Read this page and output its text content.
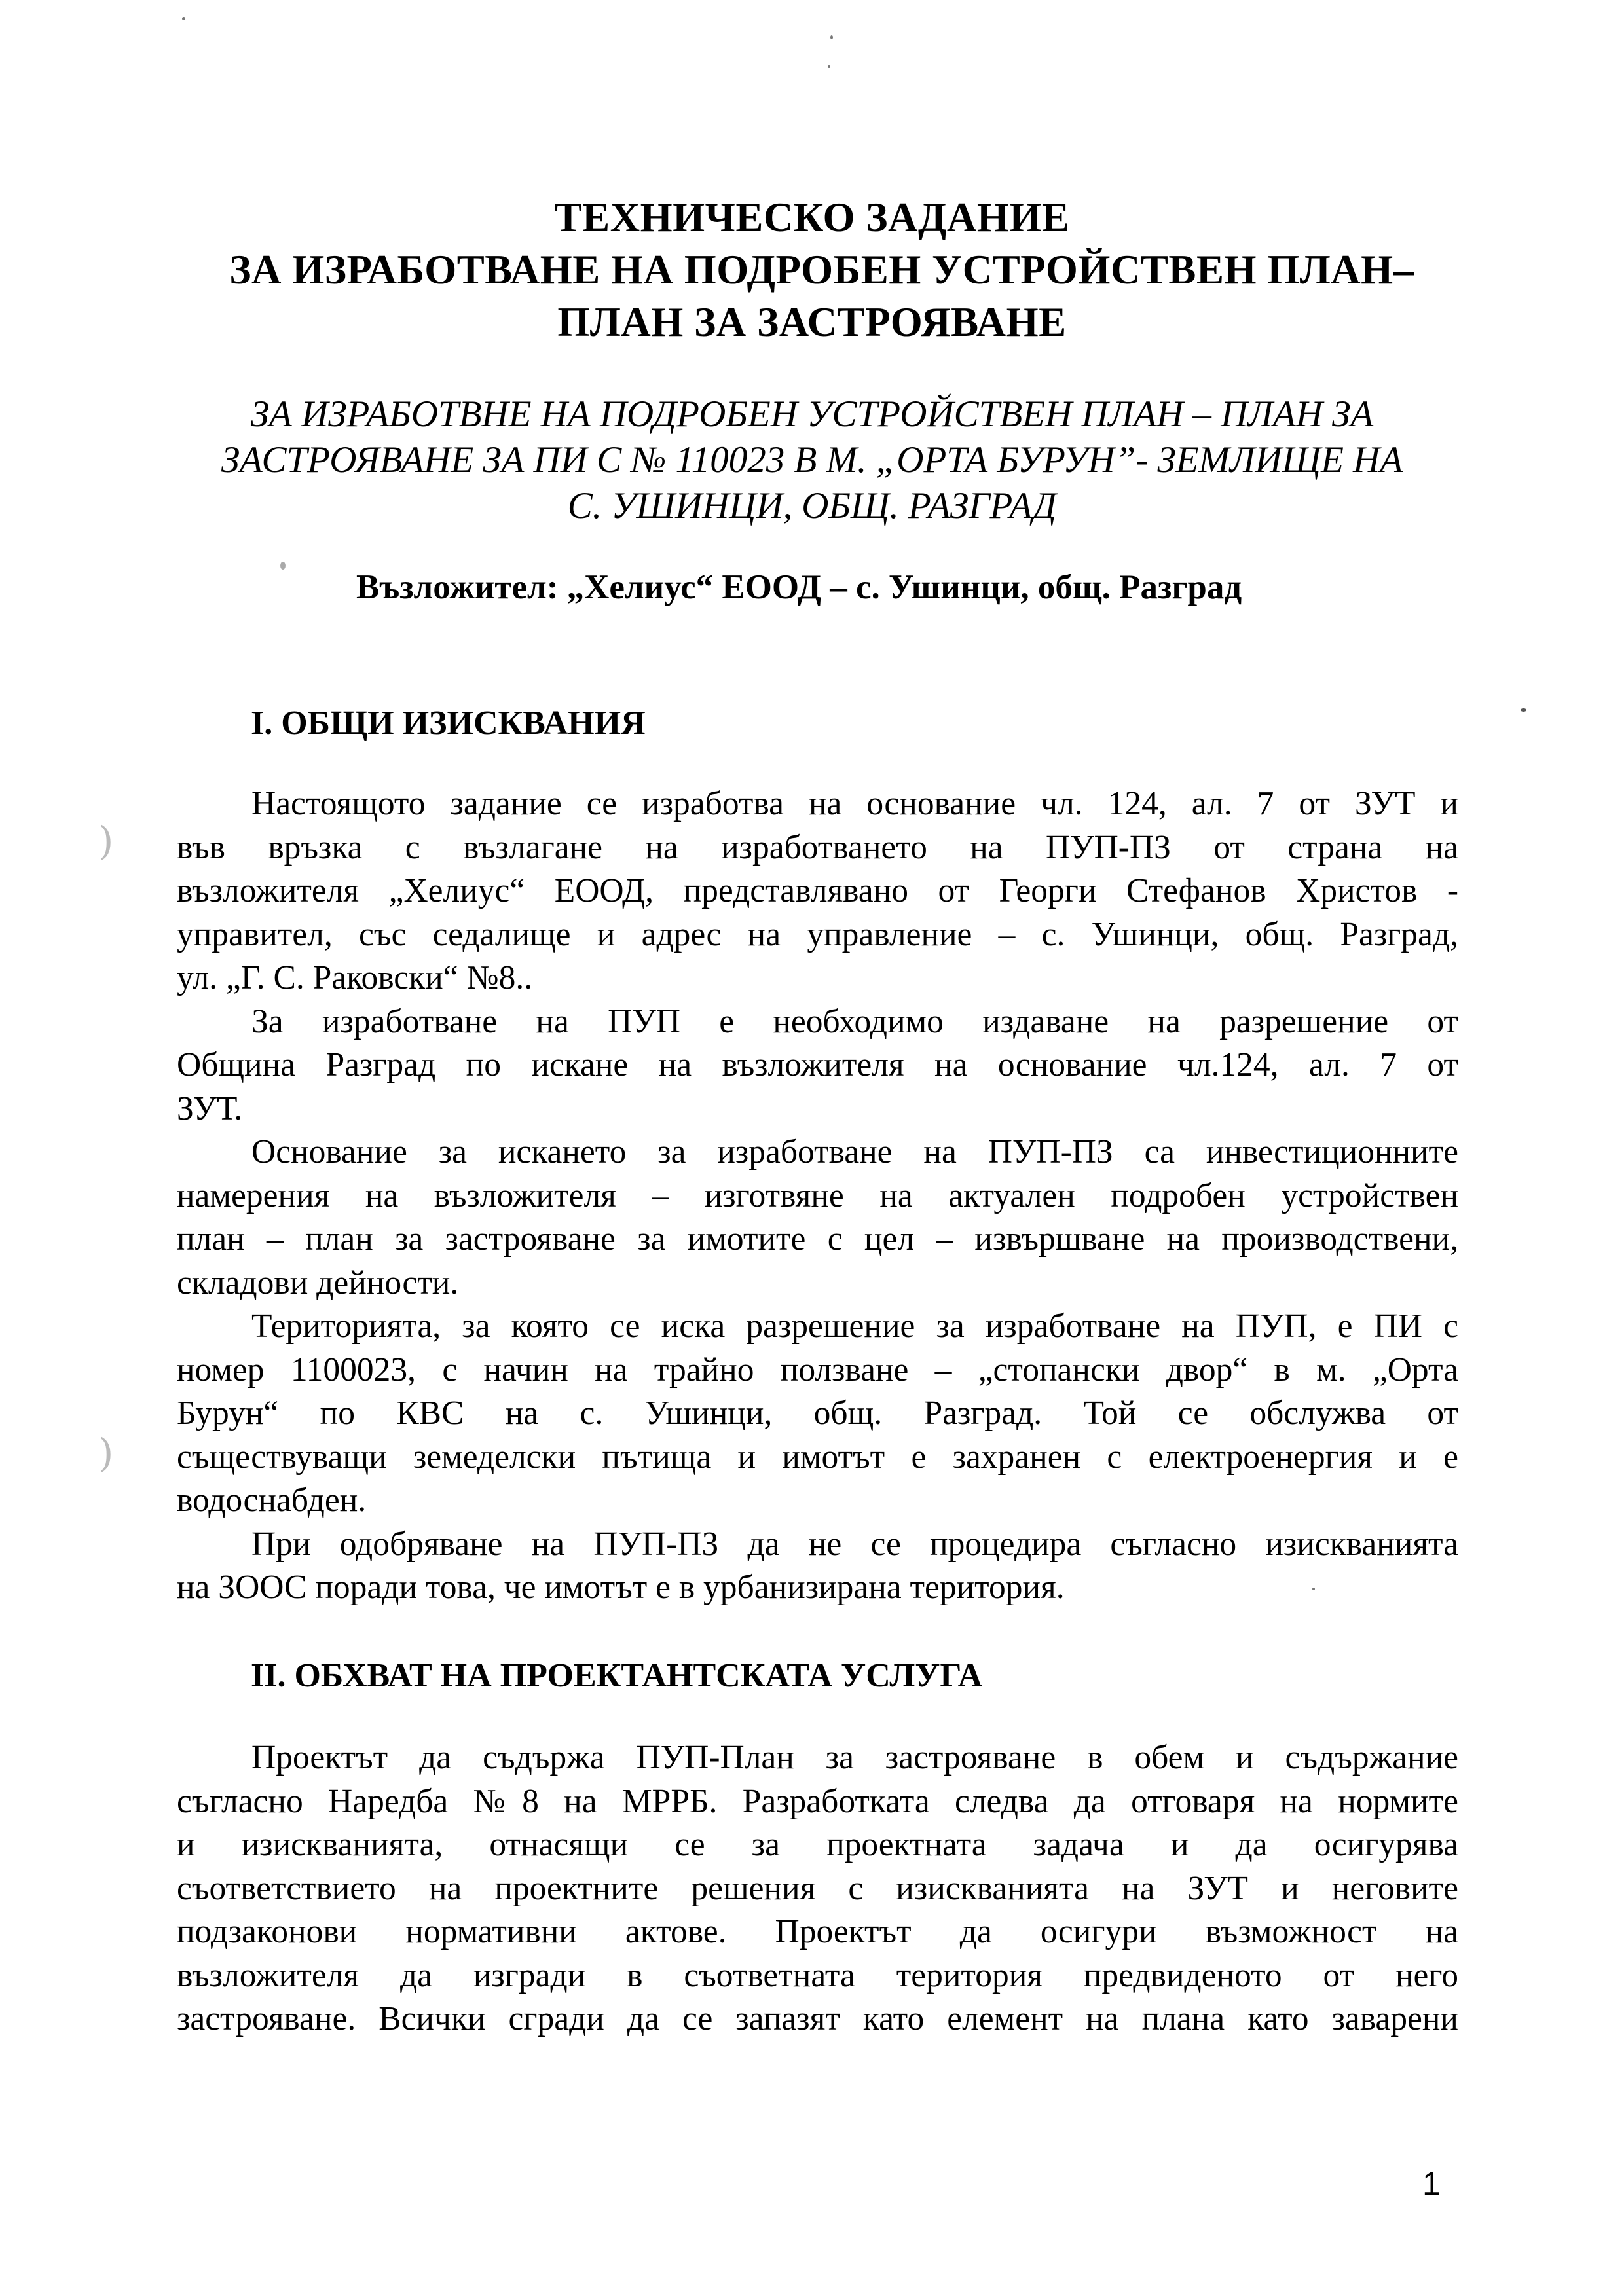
)
)
ТЕХНИЧЕСКО ЗАДАНИЕ
ЗА ИЗРАБОТВАНЕ НА ПОДРОБЕН УСТРОЙСТВЕН ПЛАН–
ПЛАН ЗА ЗАСТРОЯВАНЕ
ЗА ИЗРАБОТВНЕ НА ПОДРОБЕН УСТРОЙСТВЕН ПЛАН – ПЛАН ЗА
ЗАСТРОЯВАНЕ ЗА ПИ С № 110023 В М. „ОРТА БУРУН”- ЗЕМЛИЩЕ НА
С. УШИНЦИ, ОБЩ. РАЗГРАД
Възложител: „Хелиус“ ЕООД – с. Ушинци, общ. Разград
I. ОБЩИ ИЗИСКВАНИЯ

Настоящото задание се изработва на основание чл. 124, ал. 7 от ЗУТ и
във връзка с възлагане на изработването на ПУП-ПЗ от страна на
възложителя „Хелиус“ ЕООД, представлявано от Георги Стефанов Христов -
управител, със седалище и адрес на управление – с. Ушинци, общ. Разград,
ул. „Г. С. Раковски“ №8..

За изработване на ПУП е необходимо издаване на разрешение от
Община Разград по искане на възложителя на основание чл.124, ал. 7 от
ЗУТ.

Основание за искането за изработване на ПУП-ПЗ са инвестиционните
намерения на възложителя – изготвяне на актуален подробен устройствен
план – план за застрояване за имотите с цел – извършване на производствени,
складови дейности.

Територията, за която се иска разрешение за изработване на ПУП, е ПИ с
номер 1100023, с начин на трайно ползване – „стопански двор“ в м. „Орта
Бурун“ по КВС на с. Ушинци, общ. Разград. Той се обслужва от
съществуващи земеделски пътища и имотът е захранен с електроенергия и е
водоснабден.

При одобряване на ПУП-ПЗ да не се процедира съгласно изискванията
на ЗООС поради това, че имотът е в урбанизирана територия.

II. ОБХВАТ НА ПРОЕКТАНТСКАТА УСЛУГА

Проектът да съдържа ПУП-План за застрояване в обем и съдържание
съгласно Наредба №8 на МРРБ. Разработката следва да отговаря на нормите
и изискванията, отнасящи се за проектната задача и да осигурява
съответствието на проектните решения с изискванията на ЗУТ и неговите
подзаконови нормативни актове. Проектът да осигури възможност на
възложителя да изгради в съответната територия предвиденото от него
застрояване. Всички сгради да се запазят като елемент на плана като заварени

1
